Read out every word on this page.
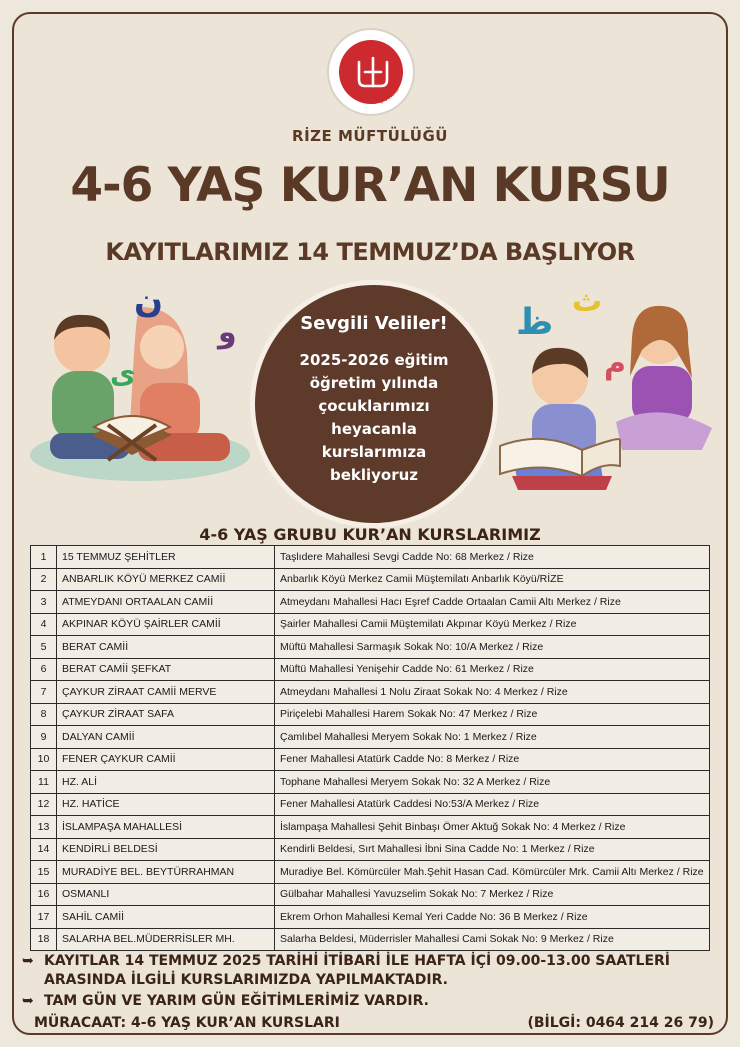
DİYANET İŞLERİ BAŞKANLIĞI
RİZE MÜFTÜLÜĞÜ
4-6 YAŞ KUR’AN KURSU
KAYITLARIMIZ 14 TEMMUZ’DA BAŞLIYOR
ن
و
ى
Sevgili Veliler!
2025-2026 eğitim öğretim yılında çocuklarımızı heyacanla kurslarımıza bekliyoruz
ظ
ث
م
4-6 YAŞ GRUBU KUR’AN KURSLARIMIZ
1	15 TEMMUZ ŞEHİTLER	Taşlıdere Mahallesi Sevgi Cadde No: 68 Merkez / Rize
2	ANBARLIK KÖYÜ MERKEZ CAMİİ	Anbarlık Köyü Merkez Camii Müştemilatı Anbarlık Köyü/RİZE
3	ATMEYDANI ORTAALAN CAMİİ	Atmeydanı Mahallesi Hacı Eşref Cadde Ortaalan Camii Altı Merkez / Rize
4	AKPINAR KÖYÜ ŞAİRLER CAMİİ	Şairler Mahallesi Camii Müştemilatı Akpınar Köyü Merkez / Rize
5	BERAT CAMİİ	Müftü Mahallesi Sarmaşık Sokak No: 10/A Merkez / Rize
6	BERAT CAMİİ ŞEFKAT	Müftü Mahallesi Yenişehir Cadde No: 61 Merkez / Rize
7	ÇAYKUR ZİRAAT CAMİİ MERVE	Atmeydanı Mahallesi 1 Nolu Ziraat Sokak No: 4 Merkez / Rize
8	ÇAYKUR ZİRAAT SAFA	Piriçelebi Mahallesi Harem Sokak No: 47 Merkez / Rize
9	DALYAN CAMİİ	Çamlıbel Mahallesi Meryem Sokak No: 1 Merkez / Rize
10	FENER ÇAYKUR CAMİİ	Fener Mahallesi Atatürk Cadde No: 8 Merkez / Rize
11	HZ. ALİ	Tophane Mahallesi Meryem Sokak No: 32 A Merkez / Rize
12	HZ. HATİCE	Fener Mahallesi Atatürk Caddesi No:53/A Merkez / Rize
13	İSLAMPAŞA MAHALLESİ	İslampaşa Mahallesi Şehit Binbaşı Ömer Aktuğ Sokak No: 4 Merkez / Rize
14	KENDİRLİ BELDESİ	Kendirli Beldesi, Sırt Mahallesi İbni Sina Cadde No: 1 Merkez / Rize
15	MURADİYE BEL. BEYTÜRRAHMAN	Muradiye Bel. Kömürcüler Mah.Şehit Hasan Cad. Kömürcüler Mrk. Camii Altı Merkez / Rize
16	OSMANLI	Gülbahar Mahallesi Yavuzselim Sokak No: 7 Merkez / Rize
17	SAHİL CAMİİ	Ekrem Orhon Mahallesi Kemal Yeri Cadde No: 36 B Merkez / Rize
18	SALARHA BEL.MÜDERRİSLER MH.	Salarha Beldesi, Müderrisler Mahallesi Cami Sokak No: 9 Merkez / Rize
➥ KAYITLAR 14 TEMMUZ 2025 TARİHİ İTİBARİ İLE HAFTA İÇİ 09.00-13.00 SAATLERİ ARASINDA İLGİLİ KURSLARIMIZDA YAPILMAKTADIR.
➥ TAM GÜN VE YARIM GÜN EĞİTİMLERİMİZ VARDIR.
MÜRACAAT: 4-6 YAŞ KUR’AN KURSLARI	(BİLGİ: 0464 214 26 79)
